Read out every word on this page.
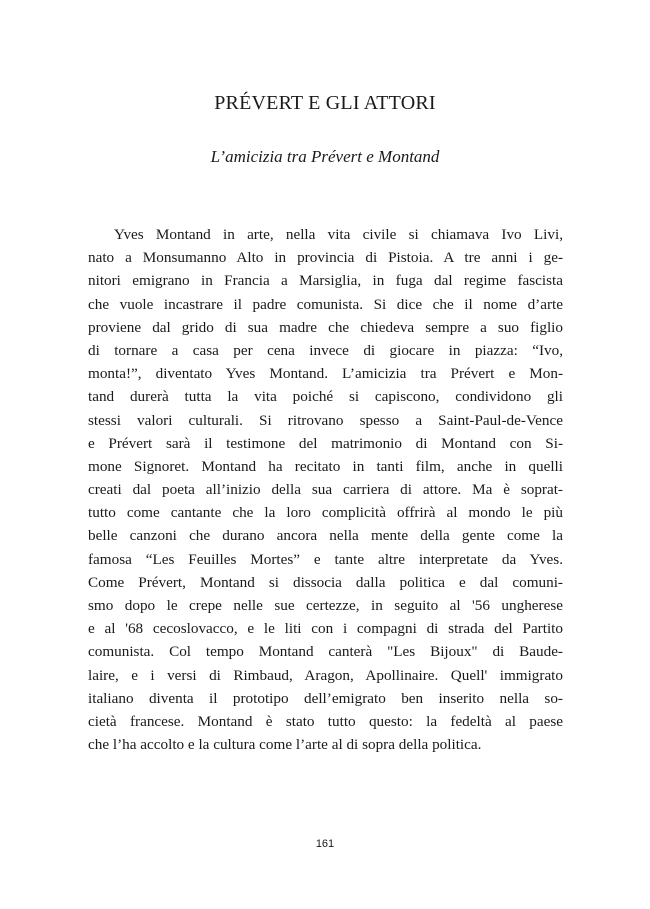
PRÉVERT E GLI ATTORI
L’amicizia tra Prévert e Montand
Yves Montand in arte, nella vita civile si chiamava Ivo Livi,
nato a Monsumanno Alto in provincia di Pistoia. A tre anni i ge-
nitori emigrano in Francia a Marsiglia, in fuga dal regime fascista
che vuole incastrare il padre comunista. Si dice che il nome d’arte
proviene dal grido di sua madre che chiedeva sempre a suo figlio
di tornare a casa per cena invece di giocare in piazza: “Ivo,
monta!”, diventato Yves Montand. L’amicizia tra Prévert e Mon-
tand durerà tutta la vita poiché si capiscono, condividono gli
stessi valori culturali. Si ritrovano spesso a Saint-Paul-de-Vence
e Prévert sarà il testimone del matrimonio di Montand con Si-
mone Signoret. Montand ha recitato in tanti film, anche in quelli
creati dal poeta all’inizio della sua carriera di attore. Ma è soprat-
tutto come cantante che la loro complicità offrirà al mondo le più
belle canzoni che durano ancora nella mente della gente come la
famosa “Les Feuilles Mortes” e tante altre interpretate da Yves.
Come Prévert, Montand si dissocia dalla politica e dal comuni-
smo dopo le crepe nelle sue certezze, in seguito al '56 ungherese
e al '68 cecoslovacco, e le liti con i compagni di strada del Partito
comunista. Col tempo Montand canterà "Les Bijoux" di Baude-
laire, e i versi di Rimbaud, Aragon, Apollinaire. Quell' immigrato
italiano diventa il prototipo dell’emigrato ben inserito nella so-
cietà francese. Montand è stato tutto questo: la fedeltà al paese
che l’ha accolto e la cultura come l’arte al di sopra della politica.
161
